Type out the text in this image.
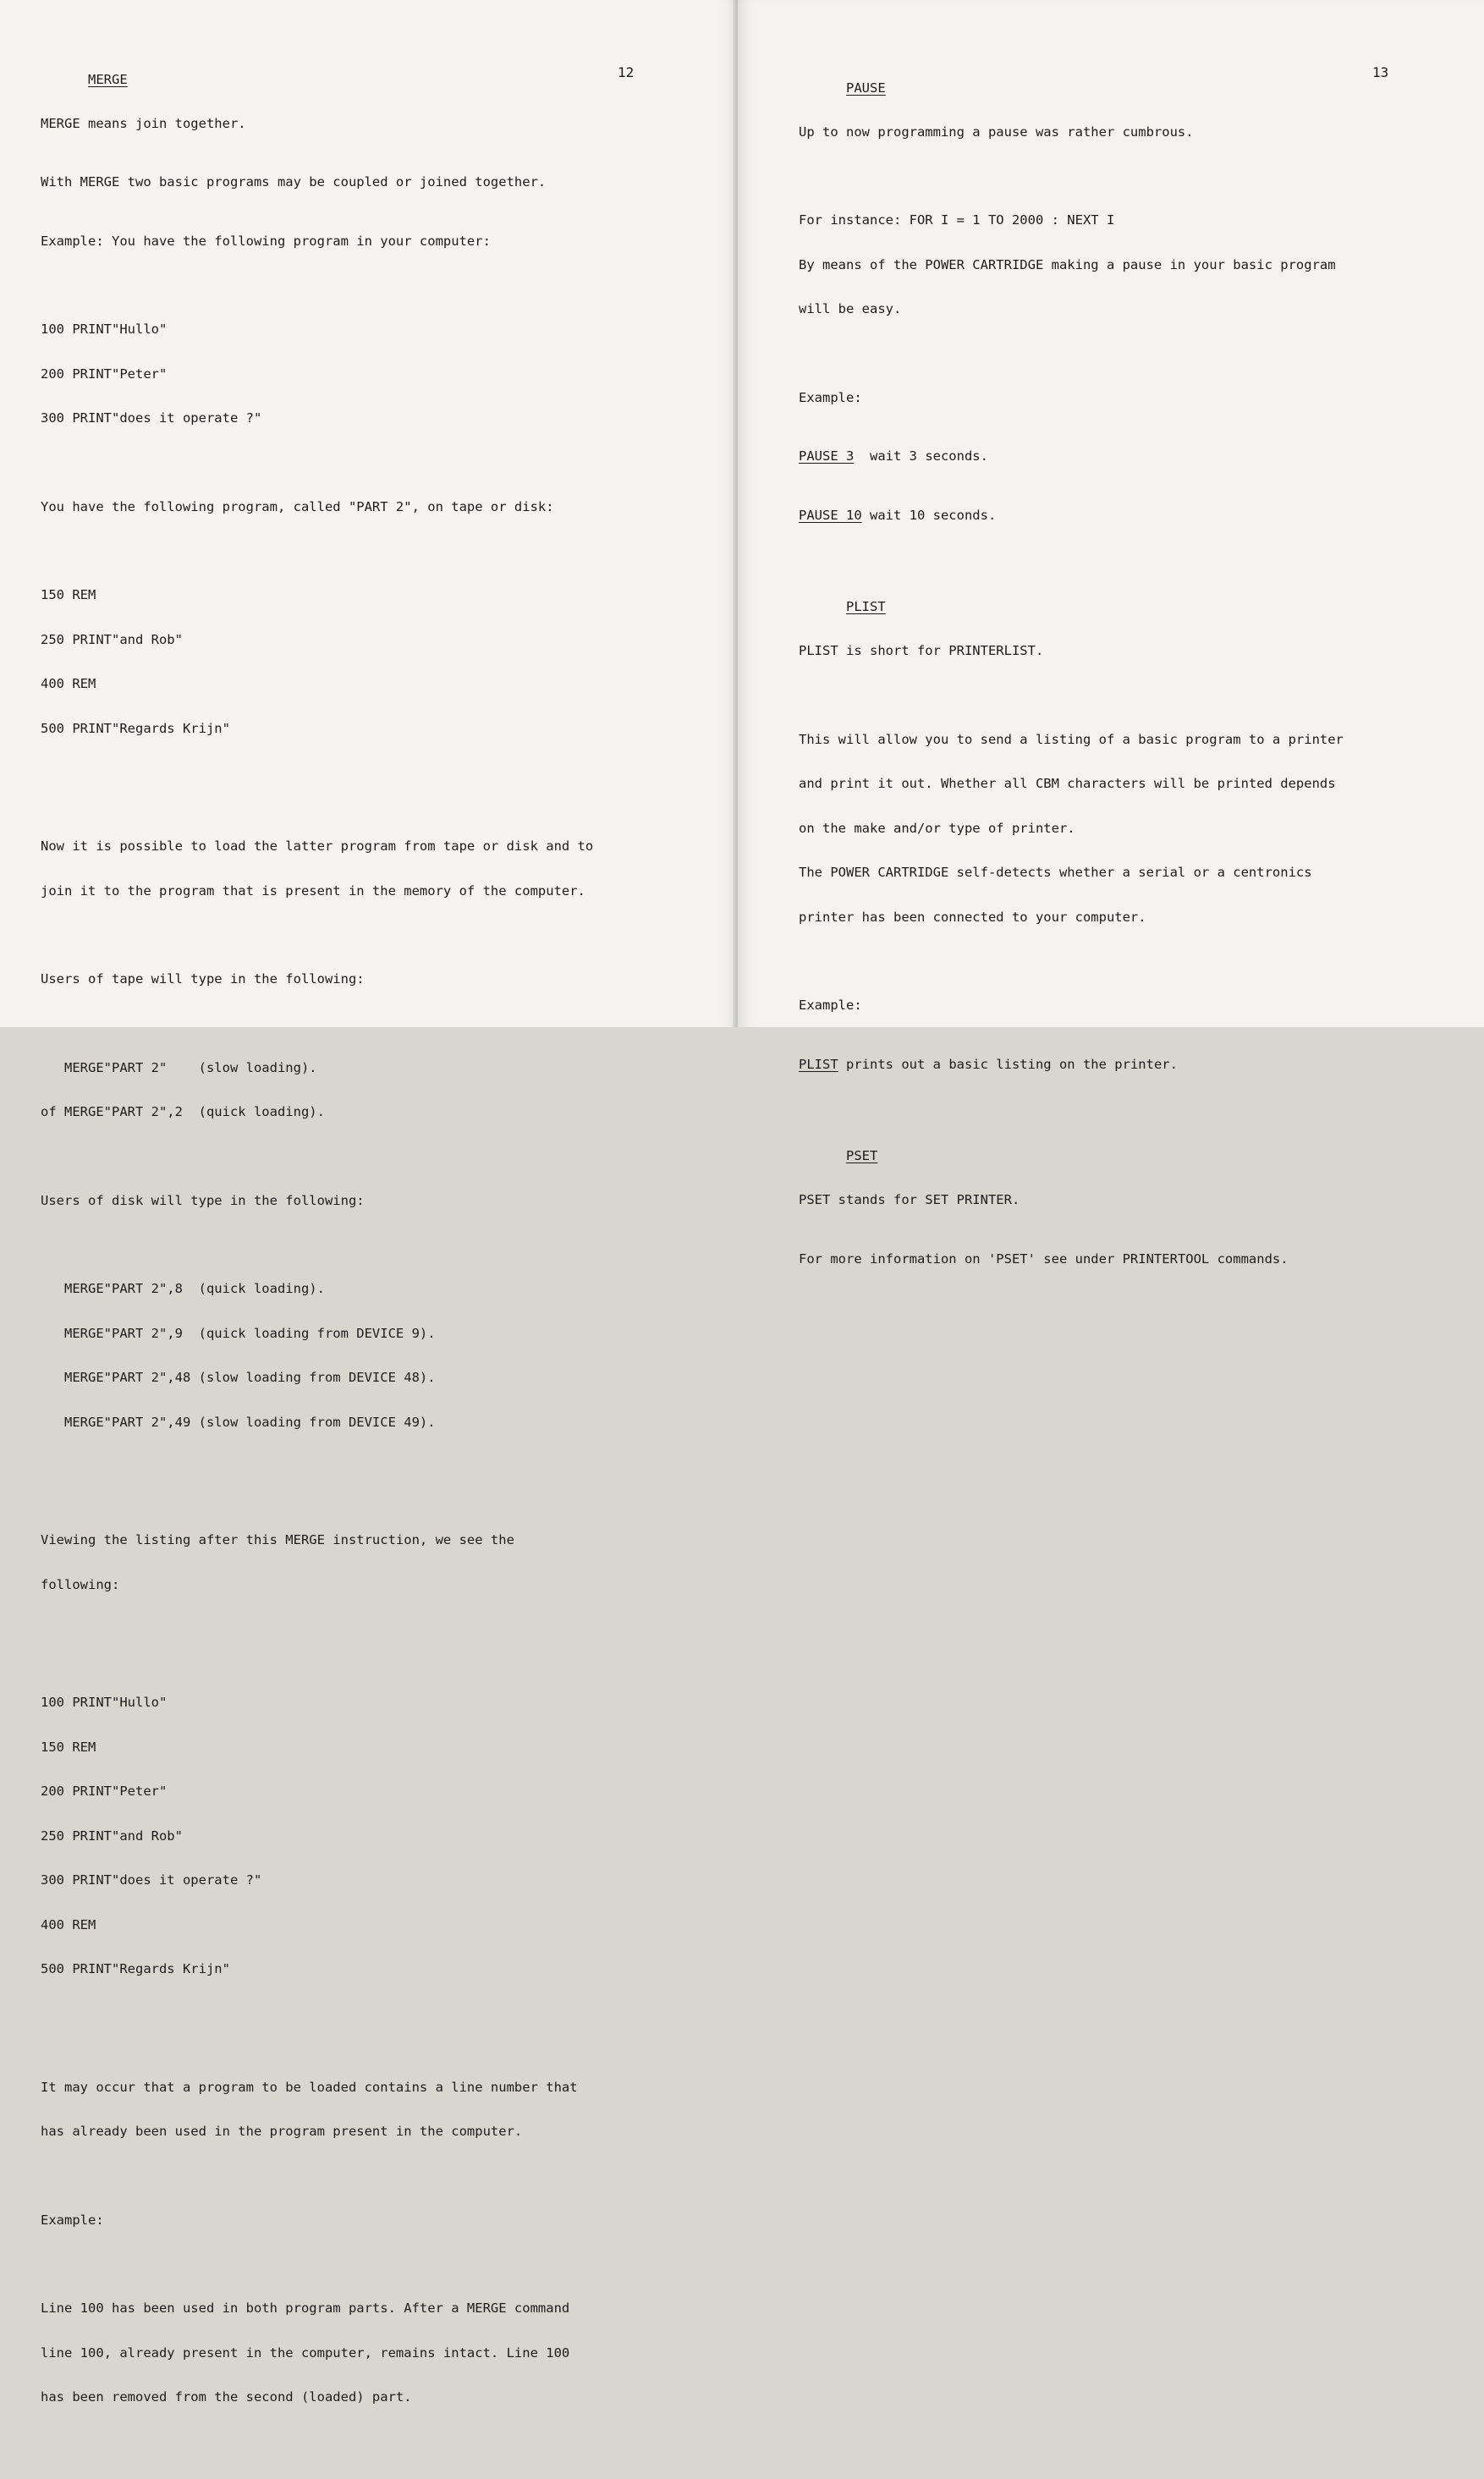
12

MERGE

MERGE means join together.

With MERGE two basic programs may be coupled or joined together.

Example: You have the following program in your computer:

100 PRINT"Hullo"

200 PRINT"Peter"

300 PRINT"does it operate ?"

You have the following program, called "PART 2", on tape or disk:

150 REM

250 PRINT"and Rob"

400 REM

500 PRINT"Regards Krijn"

Now it is possible to load the latter program from tape or disk and to

join it to the program that is present in the memory of the computer.

Users of tape will type in the following:

MERGE"PART 2"    (slow loading).

of MERGE"PART 2",2  (quick loading).

Users of disk will type in the following:

MERGE"PART 2",8  (quick loading).

MERGE"PART 2",9  (quick loading from DEVICE 9).

MERGE"PART 2",48 (slow loading from DEVICE 48).

MERGE"PART 2",49 (slow loading from DEVICE 49).

Viewing the listing after this MERGE instruction, we see the

following:

100 PRINT"Hullo"

150 REM

200 PRINT"Peter"

250 PRINT"and Rob"

300 PRINT"does it operate ?"

400 REM

500 PRINT"Regards Krijn"

It may occur that a program to be loaded contains a line number that

has already been used in the program present in the computer.

Example:

Line 100 has been used in both program parts. After a MERGE command

line 100, already present in the computer, remains intact. Line 100

has been removed from the second (loaded) part.

13

PAUSE

Up to now programming a pause was rather cumbrous.

For instance: FOR I = 1 TO 2000 : NEXT I

By means of the POWER CARTRIDGE making a pause in your basic program

will be easy.

Example:

PAUSE 3  wait 3 seconds.

PAUSE 10 wait 10 seconds.

PLIST

PLIST is short for PRINTERLIST.

This will allow you to send a listing of a basic program to a printer

and print it out. Whether all CBM characters will be printed depends

on the make and/or type of printer.

The POWER CARTRIDGE self-detects whether a serial or a centronics

printer has been connected to your computer.

Example:

PLIST prints out a basic listing on the printer.

PSET

PSET stands for SET PRINTER.

For more information on 'PSET' see under PRINTERTOOL commands.
